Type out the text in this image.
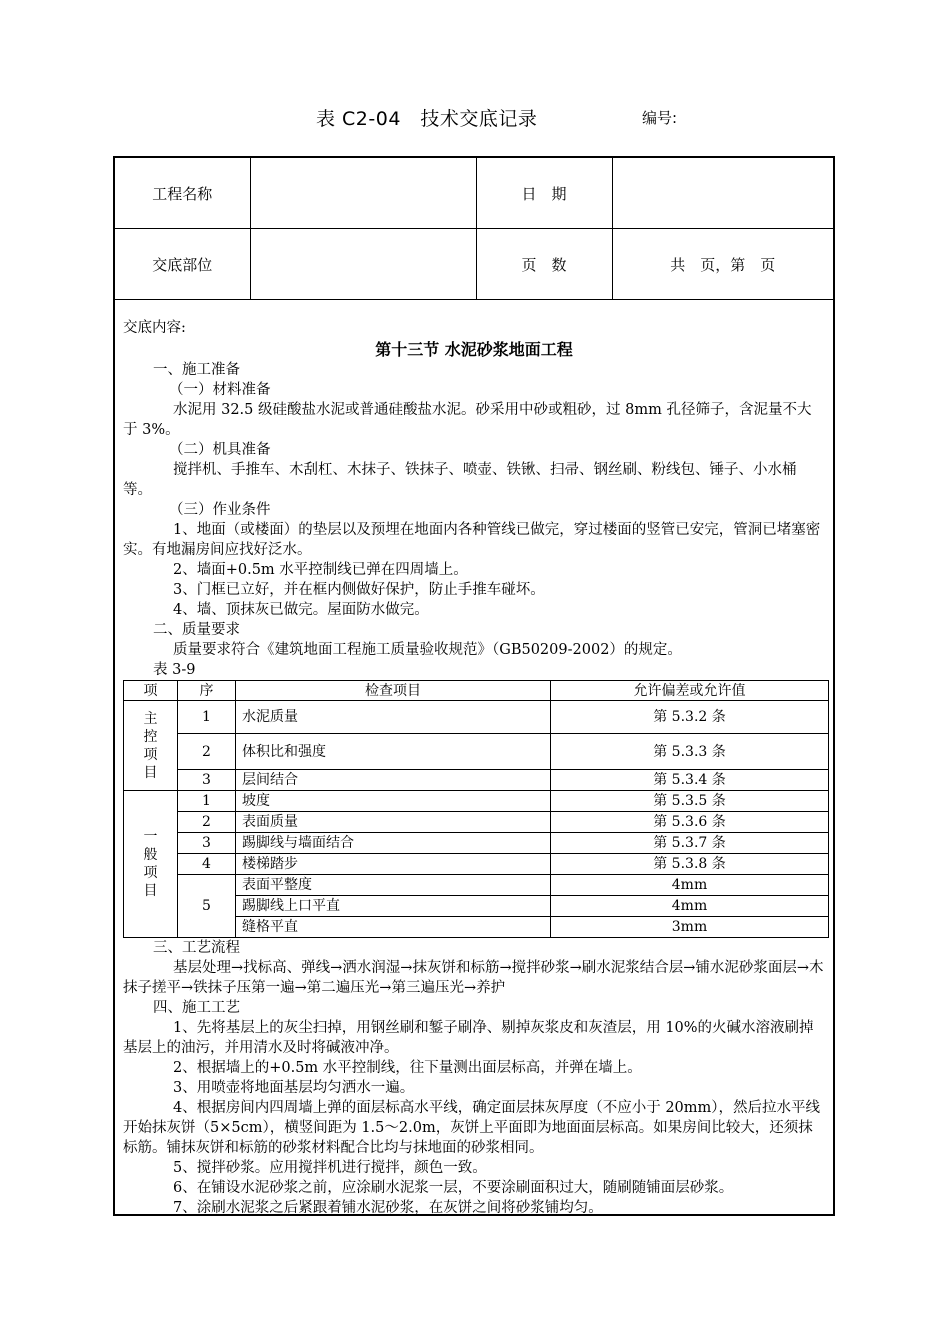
表 C2-04　技术交底记录	编号:
工程名称		日　期	
交底部位		页　数	共　页，第　页

交底内容:

第十三节 水泥砂浆地面工程

一、施工准备

（一）材料准备

水泥用 32.5 级硅酸盐水泥或普通硅酸盐水泥。砂采用中砂或粗砂，过 8mm 孔径筛子，含泥量不大于 3%。

（二）机具准备

搅拌机、手推车、木刮杠、木抹子、铁抹子、喷壶、铁锹、扫帚、钢丝刷、粉线包、锤子、小水桶等。

（三）作业条件

1、地面（或楼面）的垫层以及预埋在地面内各种管线已做完，穿过楼面的竖管已安完，管洞已堵塞密实。有地漏房间应找好泛水。

2、墙面+0.5m 水平控制线已弹在四周墙上。

3、门框已立好，并在框内侧做好保护，防止手推车碰坏。

4、墙、顶抹灰已做完。屋面防水做完。

二、质量要求

质量要求符合《建筑地面工程施工质量验收规范》（GB50209-2002）的规定。

表 3-9

项	序	检查项目	允许偏差或允许值
主
控
项
目	1	水泥质量	第 5.3.2 条
	2	体积比和强度	第 5.3.3 条
	3	层间结合	第 5.3.4 条
一
般
项
目	1	坡度	第 5.3.5 条
	2	表面质量	第 5.3.6 条
	3	踢脚线与墙面结合	第 5.3.7 条
	4	楼梯踏步	第 5.3.8 条
	5	表面平整度	4mm
		踢脚线上口平直	4mm
		缝格平直	3mm

三、工艺流程

基层处理→找标高、弹线→洒水润湿→抹灰饼和标筋→搅拌砂浆→刷水泥浆结合层→铺水泥砂浆面层→木抹子搓平→铁抹子压第一遍→第二遍压光→第三遍压光→养护

四、施工工艺

1、先将基层上的灰尘扫掉，用钢丝刷和錾子刷净、剔掉灰浆皮和灰渣层，用 10%的火碱水溶液刷掉基层上的油污，并用清水及时将碱液冲净。

2、根据墙上的+0.5m 水平控制线，往下量测出面层标高，并弹在墙上。

3、用喷壶将地面基层均匀洒水一遍。

4、根据房间内四周墙上弹的面层标高水平线，确定面层抹灰厚度（不应小于 20mm），然后拉水平线开始抹灰饼（5×5cm），横竖间距为 1.5～2.0m，灰饼上平面即为地面面层标高。如果房间比较大，还须抹标筋。铺抹灰饼和标筋的砂浆材料配合比均与抹地面的砂浆相同。

5、搅拌砂浆。应用搅拌机进行搅拌，颜色一致。

6、在铺设水泥砂浆之前，应涂刷水泥浆一层，不要涂刷面积过大，随刷随铺面层砂浆。

7、涂刷水泥浆之后紧跟着铺水泥砂浆，在灰饼之间将砂浆铺均匀。
